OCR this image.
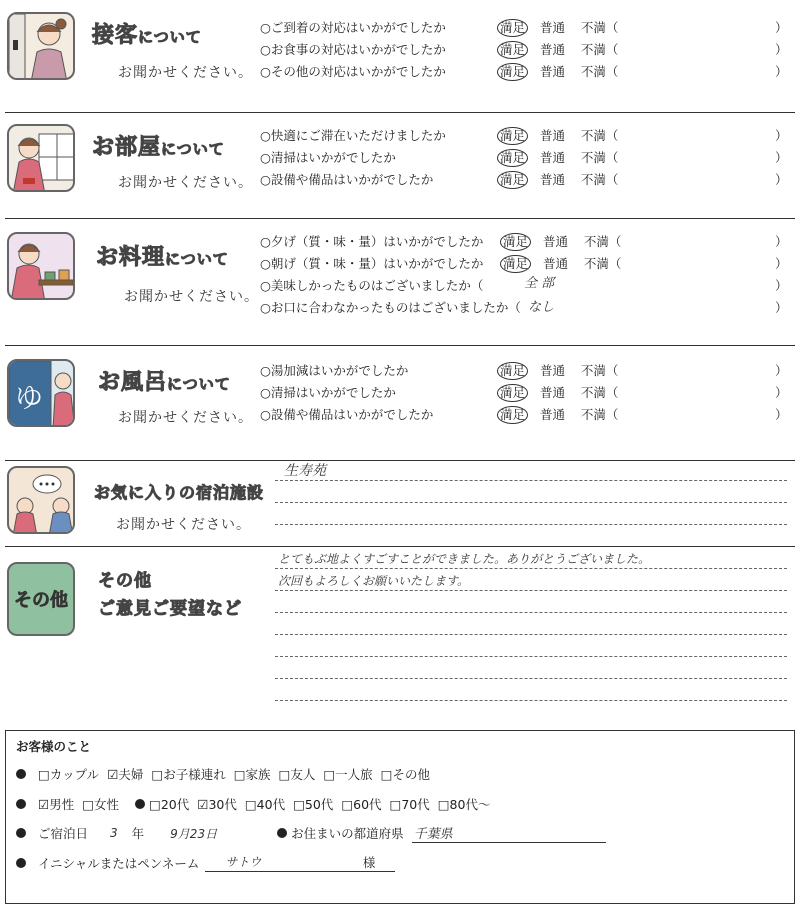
接客について
お聞かせください。
○ご到着の対応はいかがでしたか
○お食事の対応はいかがでしたか
○その他の対応はいかがでしたか
満足 普通 不満（
満足 普通 不満（
満足 普通 不満（
）
）
）
お部屋について
お聞かせください。
○快適にご滞在いただけましたか
○清掃はいかがでしたか
○設備や備品はいかがでしたか
満足 普通 不満（
満足 普通 不満（
満足 普通 不満（
）
）
）
お料理について
お聞かせください。
○夕げ（質・味・量）はいかがでしたか
○朝げ（質・味・量）はいかがでしたか
○美味しかったものはございましたか（
○お口に合わなかったものはございましたか（
満足 普通 不満（
満足 普通 不満（
全 部
なし
）
）
）
）
ゆ お風呂について
お聞かせください。
○湯加減はいかがでしたか
○清掃はいかがでしたか
○設備や備品はいかがでしたか
満足 普通 不満（
満足 普通 不満（
満足 普通 不満（
）
）
）
お気に入りの宿泊施設
お聞かせください。
生寿苑
その他
その他
ご意見ご要望など
とてもぶ地よくすごすことができました。ありがとうございました。
次回もよろしくお願いいたします。
お客様のこと
□カップル ☑夫婦 □お子様連れ □家族 □友人 □一人旅 □その他
☑男性 □女性 □20代 ☑30代 □40代 □50代 □60代 □70代 □80代〜
ご宿泊日 3 年 9月23日	お住まいの都道府県 千葉県
イニシャルまたはペンネーム サトウ	様
